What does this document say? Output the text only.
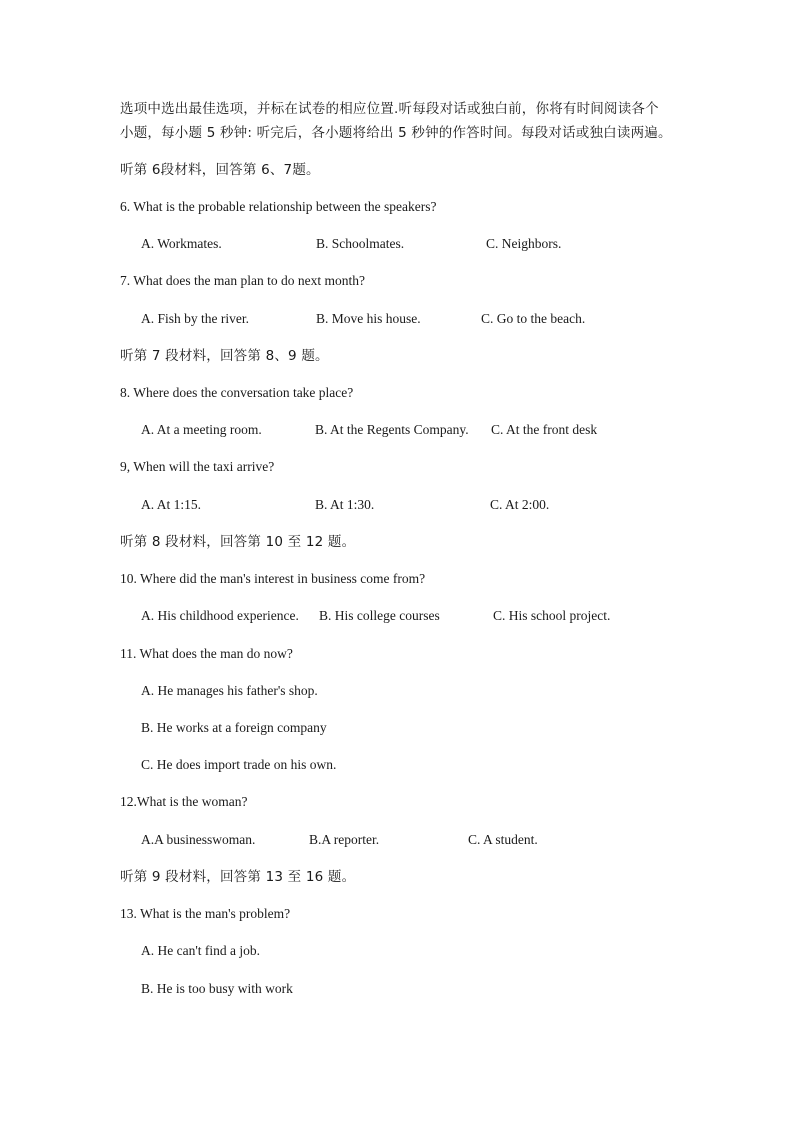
选项中选出最佳选项，并标在试卷的相应位置.听每段对话或独白前，你将有时间阅读各个
小题，每小题 5 秒钟: 听完后，各小题将给出 5 秒钟的作答时间。每段对话或独白读两遍。
听第 6段材料，回答第 6、7题。
6. What is the probable relationship between the speakers?
A. Workmates.	B. Schoolmates.	C. Neighbors.
7. What does the man plan to do next month?
A. Fish by the river.	B. Move his house.	C. Go to the beach.
听第 7 段材料，回答第 8、9 题。
8. Where does the conversation take place?
A. At a meeting room.	B. At the Regents Company. C. At the front desk
9, When will the taxi arrive?
A. At 1:15.	B. At 1:30.	C. At 2:00.
听第 8 段材料，回答第 10 至 12 题。
10. Where did the man's interest in business come from?
A. His childhood experience. B. His college courses	C. His school project.
11. What does the man do now?
A. He manages his father's shop.
B. He works at a foreign company
C. He does import trade on his own.
12.What is the woman?
A.A businesswoman.	B.A reporter.	C. A student.
听第 9 段材料，回答第 13 至 16 题。
13. What is the man's problem?
A. He can't find a job.
B. He is too busy with work
